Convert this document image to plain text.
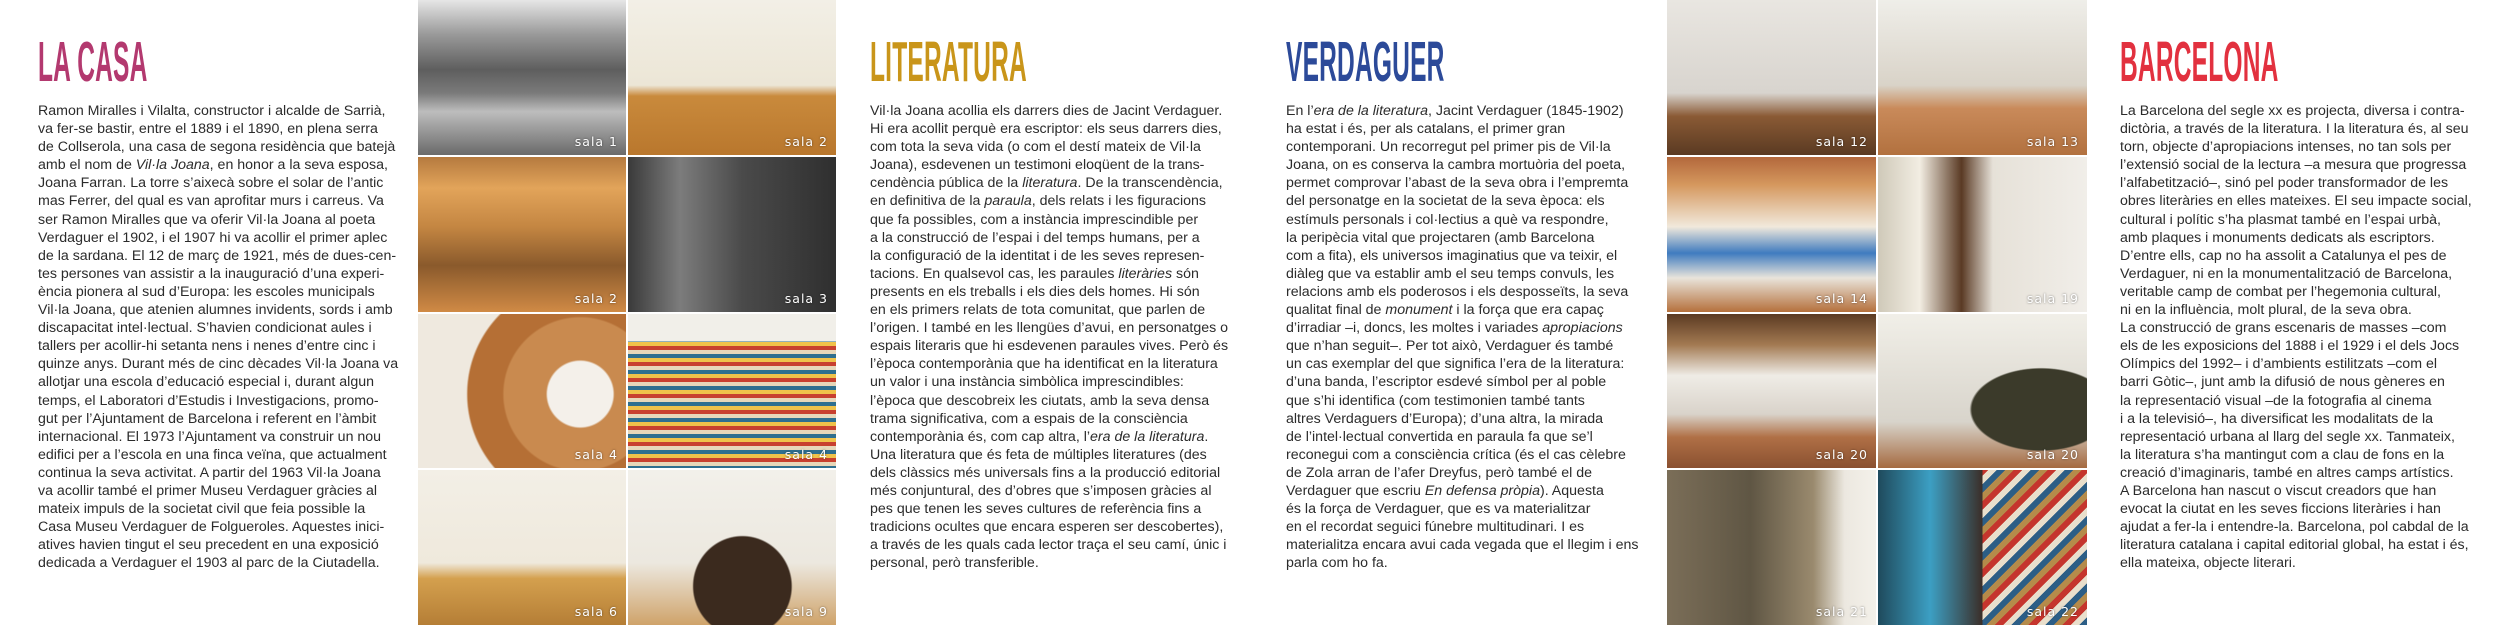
LA CASA
Ramon Miralles i Vilalta, constructor i alcalde de Sarrià,
va fer-se bastir, entre el 1889 i el 1890, en plena serra
de Collserola, una casa de segona residència que batejà
amb el nom de Vil·la Joana, en honor a la seva esposa,
Joana Farran. La torre s’aixecà sobre el solar de l’antic
mas Ferrer, del qual es van aprofitar murs i carreus. Va
ser Ramon Miralles que va oferir Vil·la Joana al poeta
Verdaguer el 1902, i el 1907 hi va acollir el primer aplec
de la sardana. El 12 de març de 1921, més de dues-cen-
tes persones van assistir a la inauguració d’una experi-
ència pionera al sud d’Europa: les escoles municipals
Vil·la Joana, que atenien alumnes invidents, sords i amb
discapacitat intel·lectual. S’havien condicionat aules i
tallers per acollir-hi setanta nens i nenes d’entre cinc i
quinze anys. Durant més de cinc dècades Vil·la Joana va
allotjar una escola d’educació especial i, durant algun
temps, el Laboratori d’Estudis i Investigacions, promo-
gut per l’Ajuntament de Barcelona i referent en l’àmbit
internacional. El 1973 l’Ajuntament va construir un nou
edifici per a l’escola en una finca veïna, que actualment
continua la seva activitat. A partir del 1963 Vil·la Joana
va acollir també el primer Museu Verdaguer gràcies al
mateix impuls de la societat civil que feia possible la
Casa Museu Verdaguer de Folgueroles. Aquestes inici-
atives havien tingut el seu precedent en una exposició
dedicada a Verdaguer el 1903 al parc de la Ciutadella.
sala 1	sala 2
sala 2	sala 3
sala 4	sala 4
sala 6	sala 9
LITERATURA
Vil·la Joana acollia els darrers dies de Jacint Verdaguer.
Hi era acollit perquè era escriptor: els seus darrers dies,
com tota la seva vida (o com el destí mateix de Vil·la
Joana), esdevenen un testimoni eloqüent de la trans-
cendència pública de la literatura. De la transcendència,
en definitiva de la paraula, dels relats i les figuracions
que fa possibles, com a instància imprescindible per
a la construcció de l’espai i del temps humans, per a
la configuració de la identitat i de les seves represen-
tacions. En qualsevol cas, les paraules literàries són
presents en els treballs i els dies dels homes. Hi són
en els primers relats de tota comunitat, que parlen de
l’origen. I també en les llengües d’avui, en personatges o
espais literaris que hi esdevenen paraules vives. Però és
l’època contemporània que ha identificat en la literatura
un valor i una instància simbòlica imprescindibles:
l’època que descobreix les ciutats, amb la seva densa
trama significativa, com a espais de la consciència
contemporània és, com cap altra, l’era de la literatura.
Una literatura que és feta de múltiples literatures (des
dels clàssics més universals fins a la producció editorial
més conjuntural, des d’obres que s’imposen gràcies al
pes que tenen les seves cultures de referència fins a
tradicions ocultes que encara esperen ser descobertes),
a través de les quals cada lector traça el seu camí, únic i
personal, però transferible.
VERDAGUER
En l’era de la literatura, Jacint Verdaguer (1845-1902)
ha estat i és, per als catalans, el primer gran
contemporani. Un recorregut pel primer pis de Vil·la
Joana, on es conserva la cambra mortuòria del poeta,
permet comprovar l’abast de la seva obra i l’empremta
del personatge en la societat de la seva època: els
estímuls personals i col·lectius a què va respondre,
la peripècia vital que projectaren (amb Barcelona
com a fita), els universos imaginatius que va teixir, el
diàleg que va establir amb el seu temps convuls, les
relacions amb els poderosos i els desposseïts, la seva
qualitat final de monument i la força que era capaç
d’irradiar –i, doncs, les moltes i variades apropiacions
que n’han seguit–. Per tot això, Verdaguer és també
un cas exemplar del que significa l’era de la literatura:
d’una banda, l’escriptor esdevé símbol per al poble
que s’hi identifica (com testimonien també tants
altres Verdaguers d’Europa); d’una altra, la mirada
de l’intel·lectual convertida en paraula fa que se’l
reconegui com a consciència crítica (és el cas cèlebre
de Zola arran de l’afer Dreyfus, però també el de
Verdaguer que escriu En defensa pròpia). Aquesta
és la força de Verdaguer, que es va materialitzar
en el recordat seguici fúnebre multitudinari. I es
materialitza encara avui cada vegada que el llegim i ens
parla com ho fa.
sala 12	sala 13
sala 14	sala 19
sala 20	sala 20
sala 21	sala 22
BARCELONA
La Barcelona del segle xx es projecta, diversa i contra-
dictòria, a través de la literatura. I la literatura és, al seu
torn, objecte d’apropiacions intenses, no tan sols per
l’extensió social de la lectura –a mesura que progressa
l’alfabetització–, sinó pel poder transformador de les
obres literàries en elles mateixes. El seu impacte social,
cultural i polític s’ha plasmat també en l’espai urbà,
amb plaques i monuments dedicats als escriptors.
D’entre ells, cap no ha assolit a Catalunya el pes de
Verdaguer, ni en la monumentalització de Barcelona,
veritable camp de combat per l’hegemonia cultural,
ni en la influència, molt plural, de la seva obra.
La construcció de grans escenaris de masses –com
els de les exposicions del 1888 i el 1929 i el dels Jocs
Olímpics del 1992– i d’ambients estilitzats –com el
barri Gòtic–, junt amb la difusió de nous gèneres en
la representació visual –de la fotografia al cinema
i a la televisió–, ha diversificat les modalitats de la
representació urbana al llarg del segle xx. Tanmateix,
la literatura s’ha mantingut com a clau de fons en la
creació d’imaginaris, també en altres camps artístics.
A Barcelona han nascut o viscut creadors que han
evocat la ciutat en les seves ficcions literàries i han
ajudat a fer-la i entendre-la. Barcelona, pol cabdal de la
literatura catalana i capital editorial global, ha estat i és,
ella mateixa, objecte literari.
